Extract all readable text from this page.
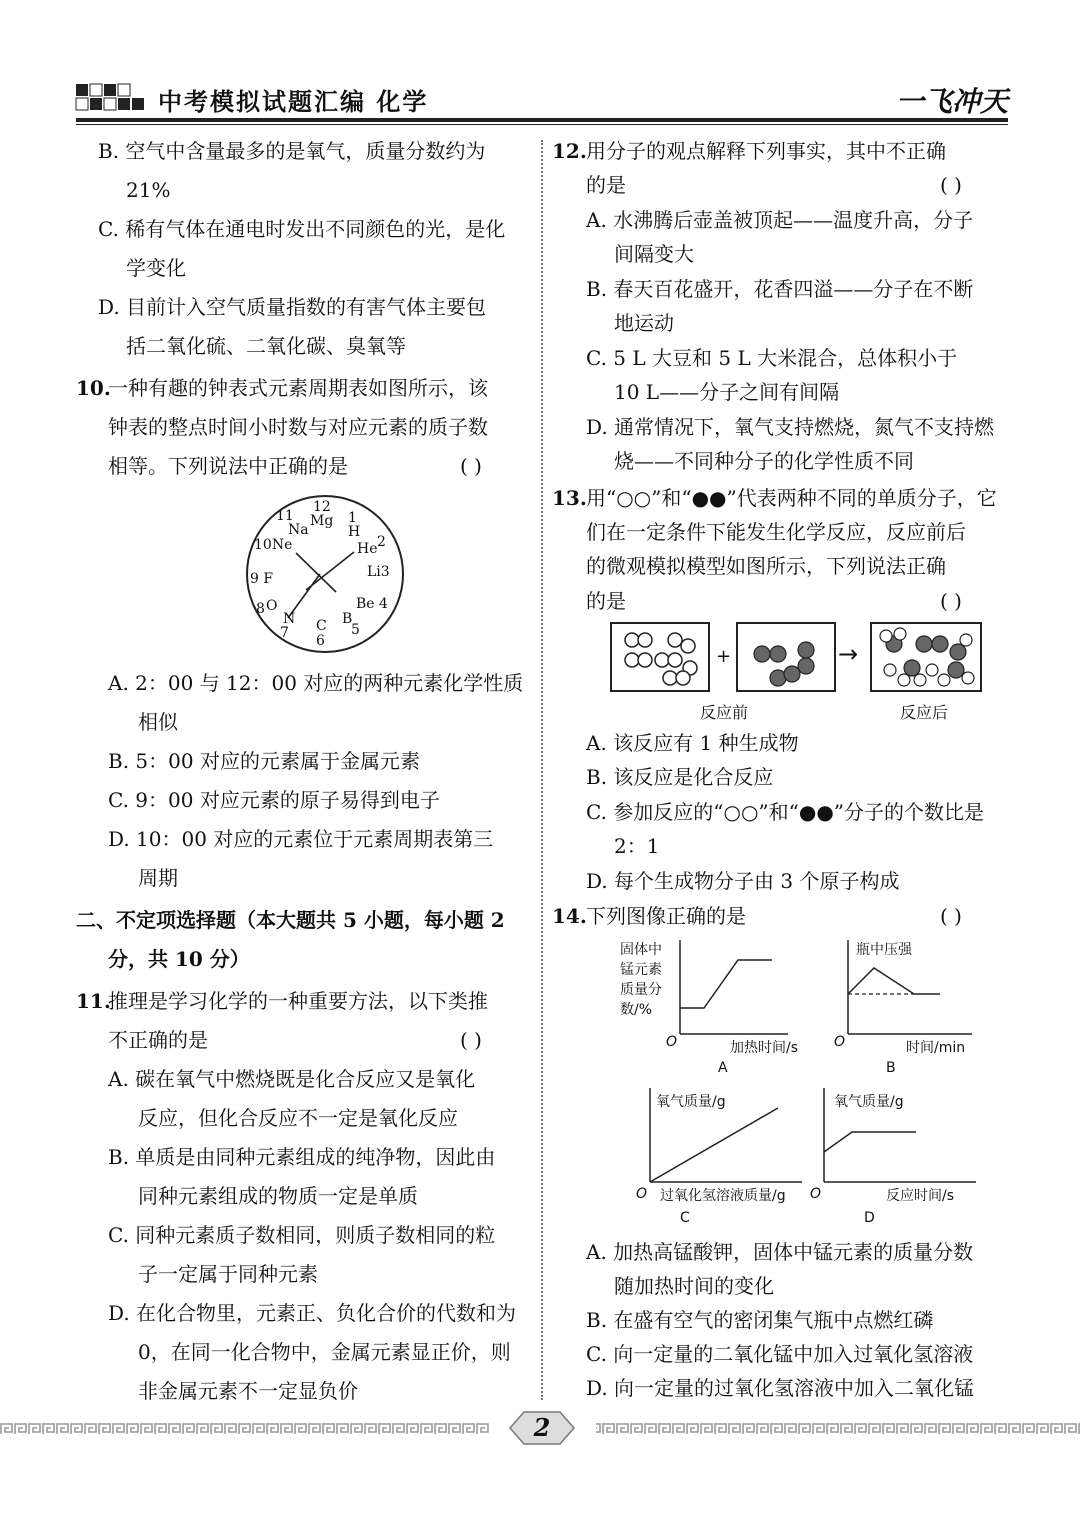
中考模拟试题汇编 化学	一飞冲天
B. 空气中含量最多的是氧气，质量分数约为
21%
C. 稀有气体在通电时发出不同颜色的光，是化
学变化
D. 目前计入空气质量指数的有害气体主要包
括二氧化硫、二氧化碳、臭氧等
10.
一种有趣的钟表式元素周期表如图所示，该
钟表的整点时间小时数与对应元素的质子数
相等。下列说法中正确的是	( )
12
Mg
11
Na
1
H
10Ne	He 2
Li3
9 F
O
8
N
7 C
6
B
5
Be 4
A. 2：00 与 12：00 对应的两种元素化学性质
相似
B. 5：00 对应的元素属于金属元素
C. 9：00 对应元素的原子易得到电子
D. 10：00 对应的元素位于元素周期表第三
周期
二、不定项选择题（本大题共 5 小题，每小题 2
分，共 10 分）
11.
推理是学习化学的一种重要方法，以下类推
不正确的是	( )
A. 碳在氧气中燃烧既是化合反应又是氧化
反应，但化合反应不一定是氧化反应
B. 单质是由同种元素组成的纯净物，因此由
同种元素组成的物质一定是单质
C. 同种元素质子数相同，则质子数相同的粒
子一定属于同种元素
D. 在化合物里，元素正、负化合价的代数和为
0，在同一化合物中，金属元素显正价，则
非金属元素不一定显负价
12. 用分子的观点解释下列事实，其中不正确
的是	( )
A. 水沸腾后壶盖被顶起——温度升高，分子
间隔变大
B. 春天百花盛开，花香四溢——分子在不断
地运动
C. 5 L 大豆和 5 L 大米混合，总体积小于
10 L——分子之间有间隔
D. 通常情况下，氧气支持燃烧，氮气不支持燃
烧——不同种分子的化学性质不同
13. 用“○○”和“●●”代表两种不同的单质分子，它
们在一定条件下能发生化学反应，反应前后
的微观模拟模型如图所示，下列说法正确
的是	( )
+	→
反应前	反应后
A. 该反应有 1 种生成物
B. 该反应是化合反应
C. 参加反应的“○○”和“●●”分子的个数比是
2：1
D. 每个生成物分子由 3 个原子构成
14. 下列图像正确的是	( )
固体中
锰元素
质量分
数/%
O	加热时间/s
A
瓶中压强
O	时间/min
B
氧气质量/g
O 过氧化氢溶液质量/g
C
氧气质量/g
O	反应时间/s
D
A. 加热高锰酸钾，固体中锰元素的质量分数
随加热时间的变化
B. 在盛有空气的密闭集气瓶中点燃红磷
C. 向一定量的二氧化锰中加入过氧化氢溶液
D. 向一定量的过氧化氢溶液中加入二氧化锰
2
